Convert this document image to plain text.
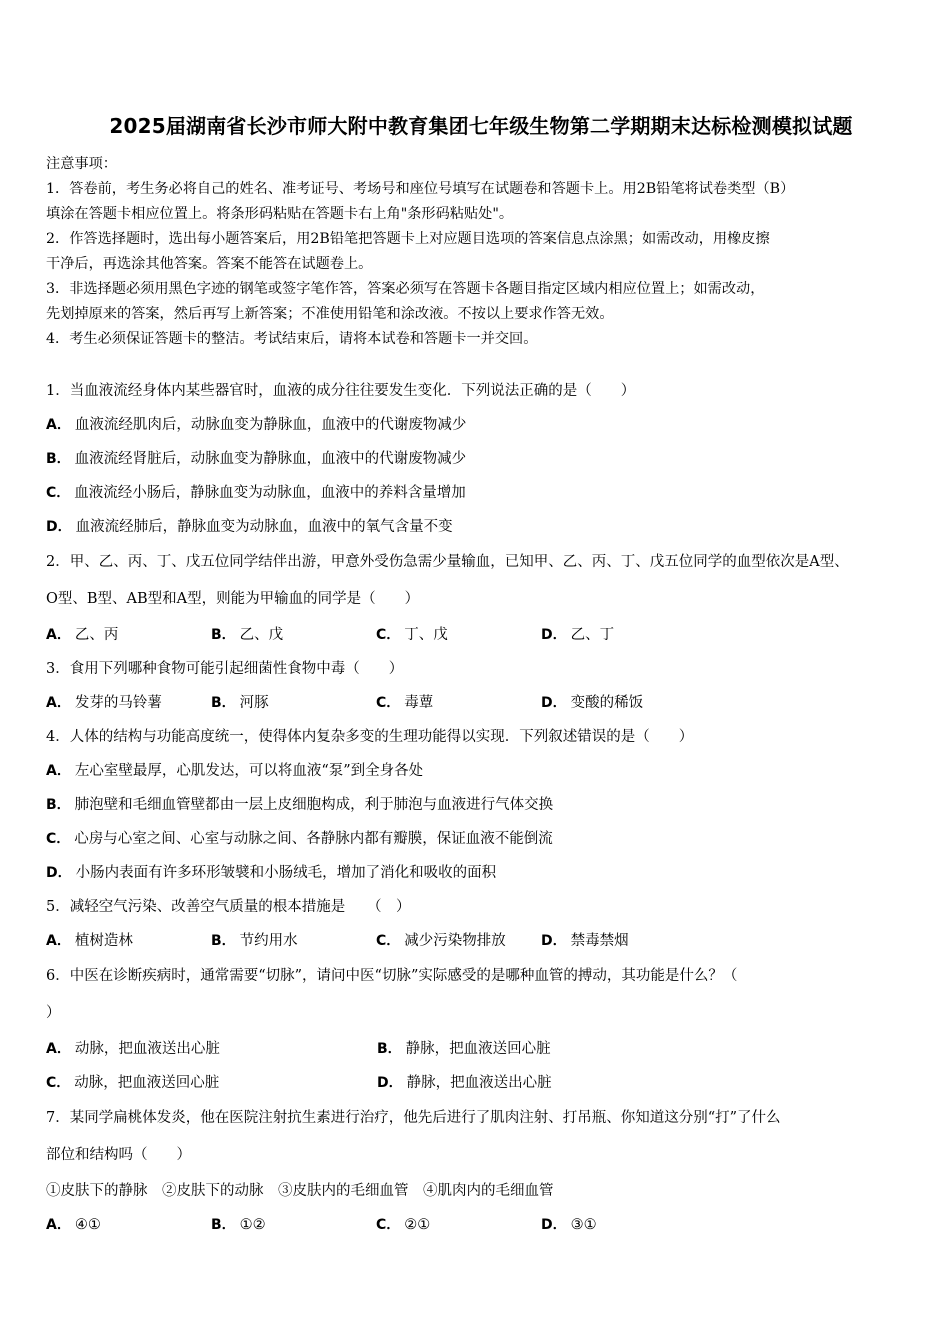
2025届湖南省长沙市师大附中教育集团七年级生物第二学期期末达标检测模拟试题

注意事项：

1．答卷前，考生务必将自己的姓名、准考证号、考场号和座位号填写在试题卷和答题卡上。用2B铅笔将试卷类型（B）

填涂在答题卡相应位置上。将条形码粘贴在答题卡右上角"条形码粘贴处"。

2．作答选择题时，选出每小题答案后，用2B铅笔把答题卡上对应题目选项的答案信息点涂黑；如需改动，用橡皮擦

干净后，再选涂其他答案。答案不能答在试题卷上。

3．非选择题必须用黑色字迹的钢笔或签字笔作答，答案必须写在答题卡各题目指定区域内相应位置上；如需改动，

先划掉原来的答案，然后再写上新答案；不准使用铅笔和涂改液。不按以上要求作答无效。

4．考生必须保证答题卡的整洁。考试结束后，请将本试卷和答题卡一并交回。

1．当血液流经身体内某些器官时，血液的成分往往要发生变化．下列说法正确的是（　　）

A． 血液流经肌肉后，动脉血变为静脉血，血液中的代谢废物减少

B． 血液流经肾脏后，动脉血变为静脉血，血液中的代谢废物减少

C． 血液流经小肠后，静脉血变为动脉血，血液中的养料含量增加

D． 血液流经肺后，静脉血变为动脉血，血液中的氧气含量不变

2．甲、乙、丙、丁、戊五位同学结伴出游，甲意外受伤急需少量输血，已知甲、乙、丙、丁、戊五位同学的血型依次是A型、

O型、B型、AB型和A型，则能为甲输血的同学是（　　）

A． 乙、丙	B． 乙、戊	C． 丁、戊	D． 乙、丁

3．食用下列哪种食物可能引起细菌性食物中毒（　　）

A． 发芽的马铃薯	B． 河豚	C． 毒蕈	D． 变酸的稀饭

4．人体的结构与功能高度统一，使得体内复杂多变的生理功能得以实现．下列叙述错误的是（　　）

A． 左心室壁最厚，心肌发达，可以将血液“泵”到全身各处

B． 肺泡壁和毛细血管壁都由一层上皮细胞构成，利于肺泡与血液进行气体交换

C． 心房与心室之间、心室与动脉之间、各静脉内都有瓣膜，保证血液不能倒流

D． 小肠内表面有许多环形皱襞和小肠绒毛，增加了消化和吸收的面积

5．减轻空气污染、改善空气质量的根本措施是　　（　）

A． 植树造林	B． 节约用水	C． 减少污染物排放	D． 禁毒禁烟

6．中医在诊断疾病时，通常需要“切脉”，请问中医“切脉”实际感受的是哪种血管的搏动，其功能是什么？（

）

A． 动脉，把血液送出心脏	B． 静脉，把血液送回心脏
C． 动脉，把血液送回心脏	D． 静脉，把血液送出心脏

7．某同学扁桃体发炎，他在医院注射抗生素进行治疗，他先后进行了肌肉注射、打吊瓶、你知道这分别“打”了什么

部位和结构吗（　　）

①皮肤下的静脉　②皮肤下的动脉　③皮肤内的毛细血管　④肌肉内的毛细血管

A． ④①	B． ①②	C． ②①	D． ③①
